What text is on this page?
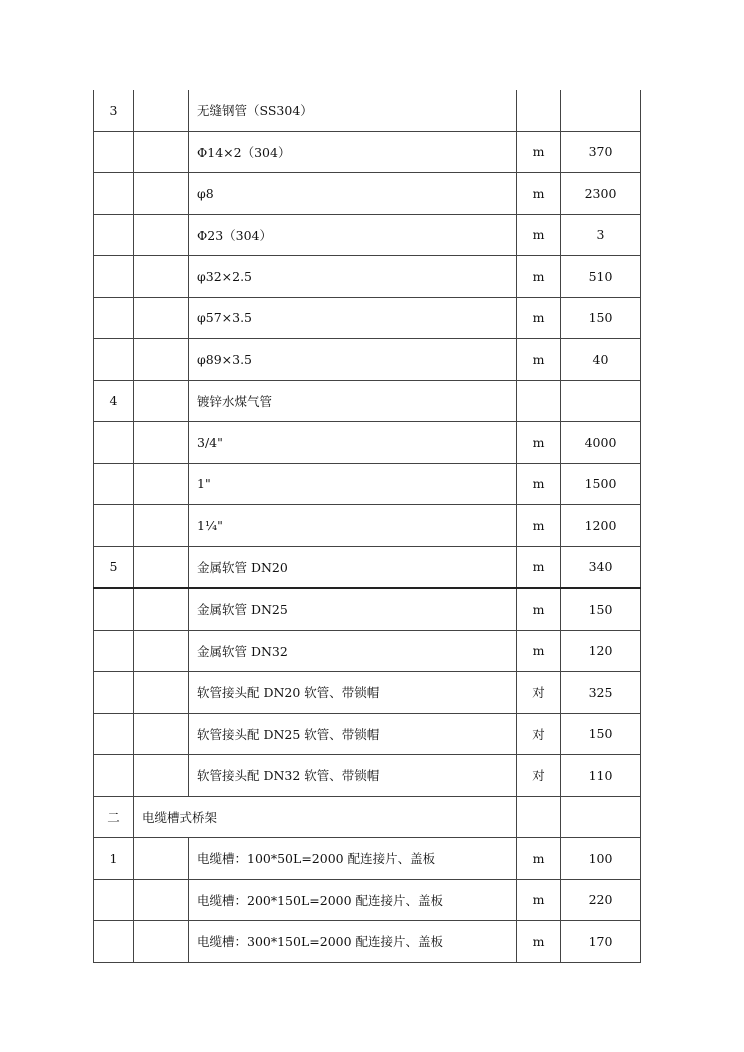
3		无缝钢管（SS304）		
		Φ14×2（304）	m	370
		φ8	m	2300
		Φ23（304）	m	3
		φ32×2.5	m	510
		φ57×3.5	m	150
		φ89×3.5	m	40
4		镀锌水煤气管		
		3/4"	m	4000
		1"	m	1500
		1¼"	m	1200
5		金属软管 DN20	m	340
		金属软管 DN25	m	150
		金属软管 DN32	m	120
		软管接头配 DN20 软管、带锁帽	对	325
		软管接头配 DN25 软管、带锁帽	对	150
		软管接头配 DN32 软管、带锁帽	对	110
二	电缆槽式桥架			
1		电缆槽：100*50L=2000 配连接片、盖板	m	100
		电缆槽：200*150L=2000 配连接片、盖板	m	220
		电缆槽：300*150L=2000 配连接片、盖板	m	170
